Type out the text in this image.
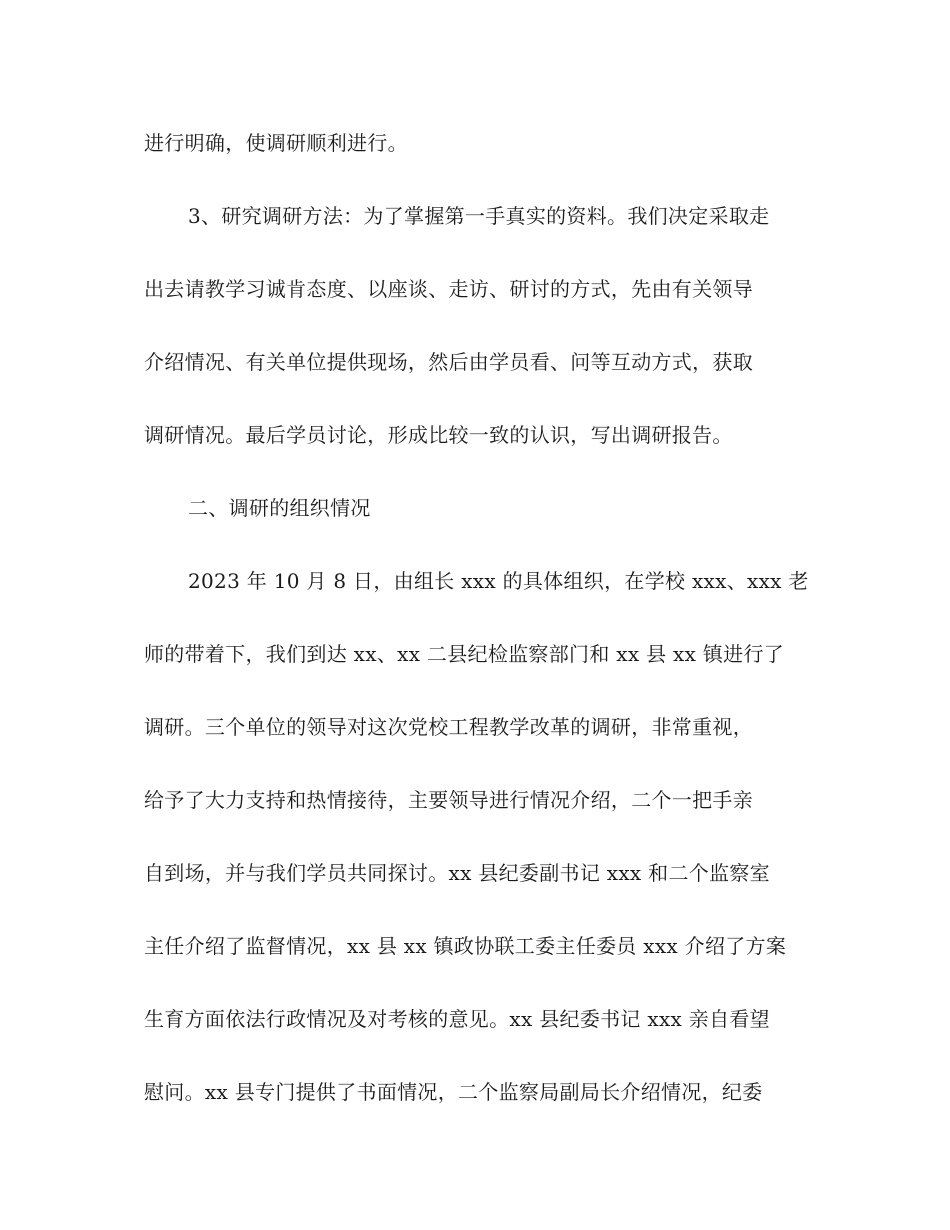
进行明确，使调研顺利进行。

3、研究调研方法：为了掌握第一手真实的资料。我们决定采取走

出去请教学习诚肯态度、以座谈、走访、研讨的方式，先由有关领导

介绍情况、有关单位提供现场，然后由学员看、问等互动方式，获取

调研情况。最后学员讨论，形成比较一致的认识，写出调研报告。

二、调研的组织情况

2023 年 10 月 8 日，由组长 xxx 的具体组织，在学校 xxx、xxx 老

师的带着下，我们到达 xx、xx 二县纪检监察部门和 xx 县 xx 镇进行了

调研。三个单位的领导对这次党校工程教学改革的调研，非常重视，

给予了大力支持和热情接待，主要领导进行情况介绍，二个一把手亲

自到场，并与我们学员共同探讨。xx 县纪委副书记 xxx 和二个监察室

主任介绍了监督情况，xx 县 xx 镇政协联工委主任委员 xxx 介绍了方案

生育方面依法行政情况及对考核的意见。xx 县纪委书记 xxx 亲自看望

慰问。xx 县专门提供了书面情况，二个监察局副局长介绍情况，纪委
